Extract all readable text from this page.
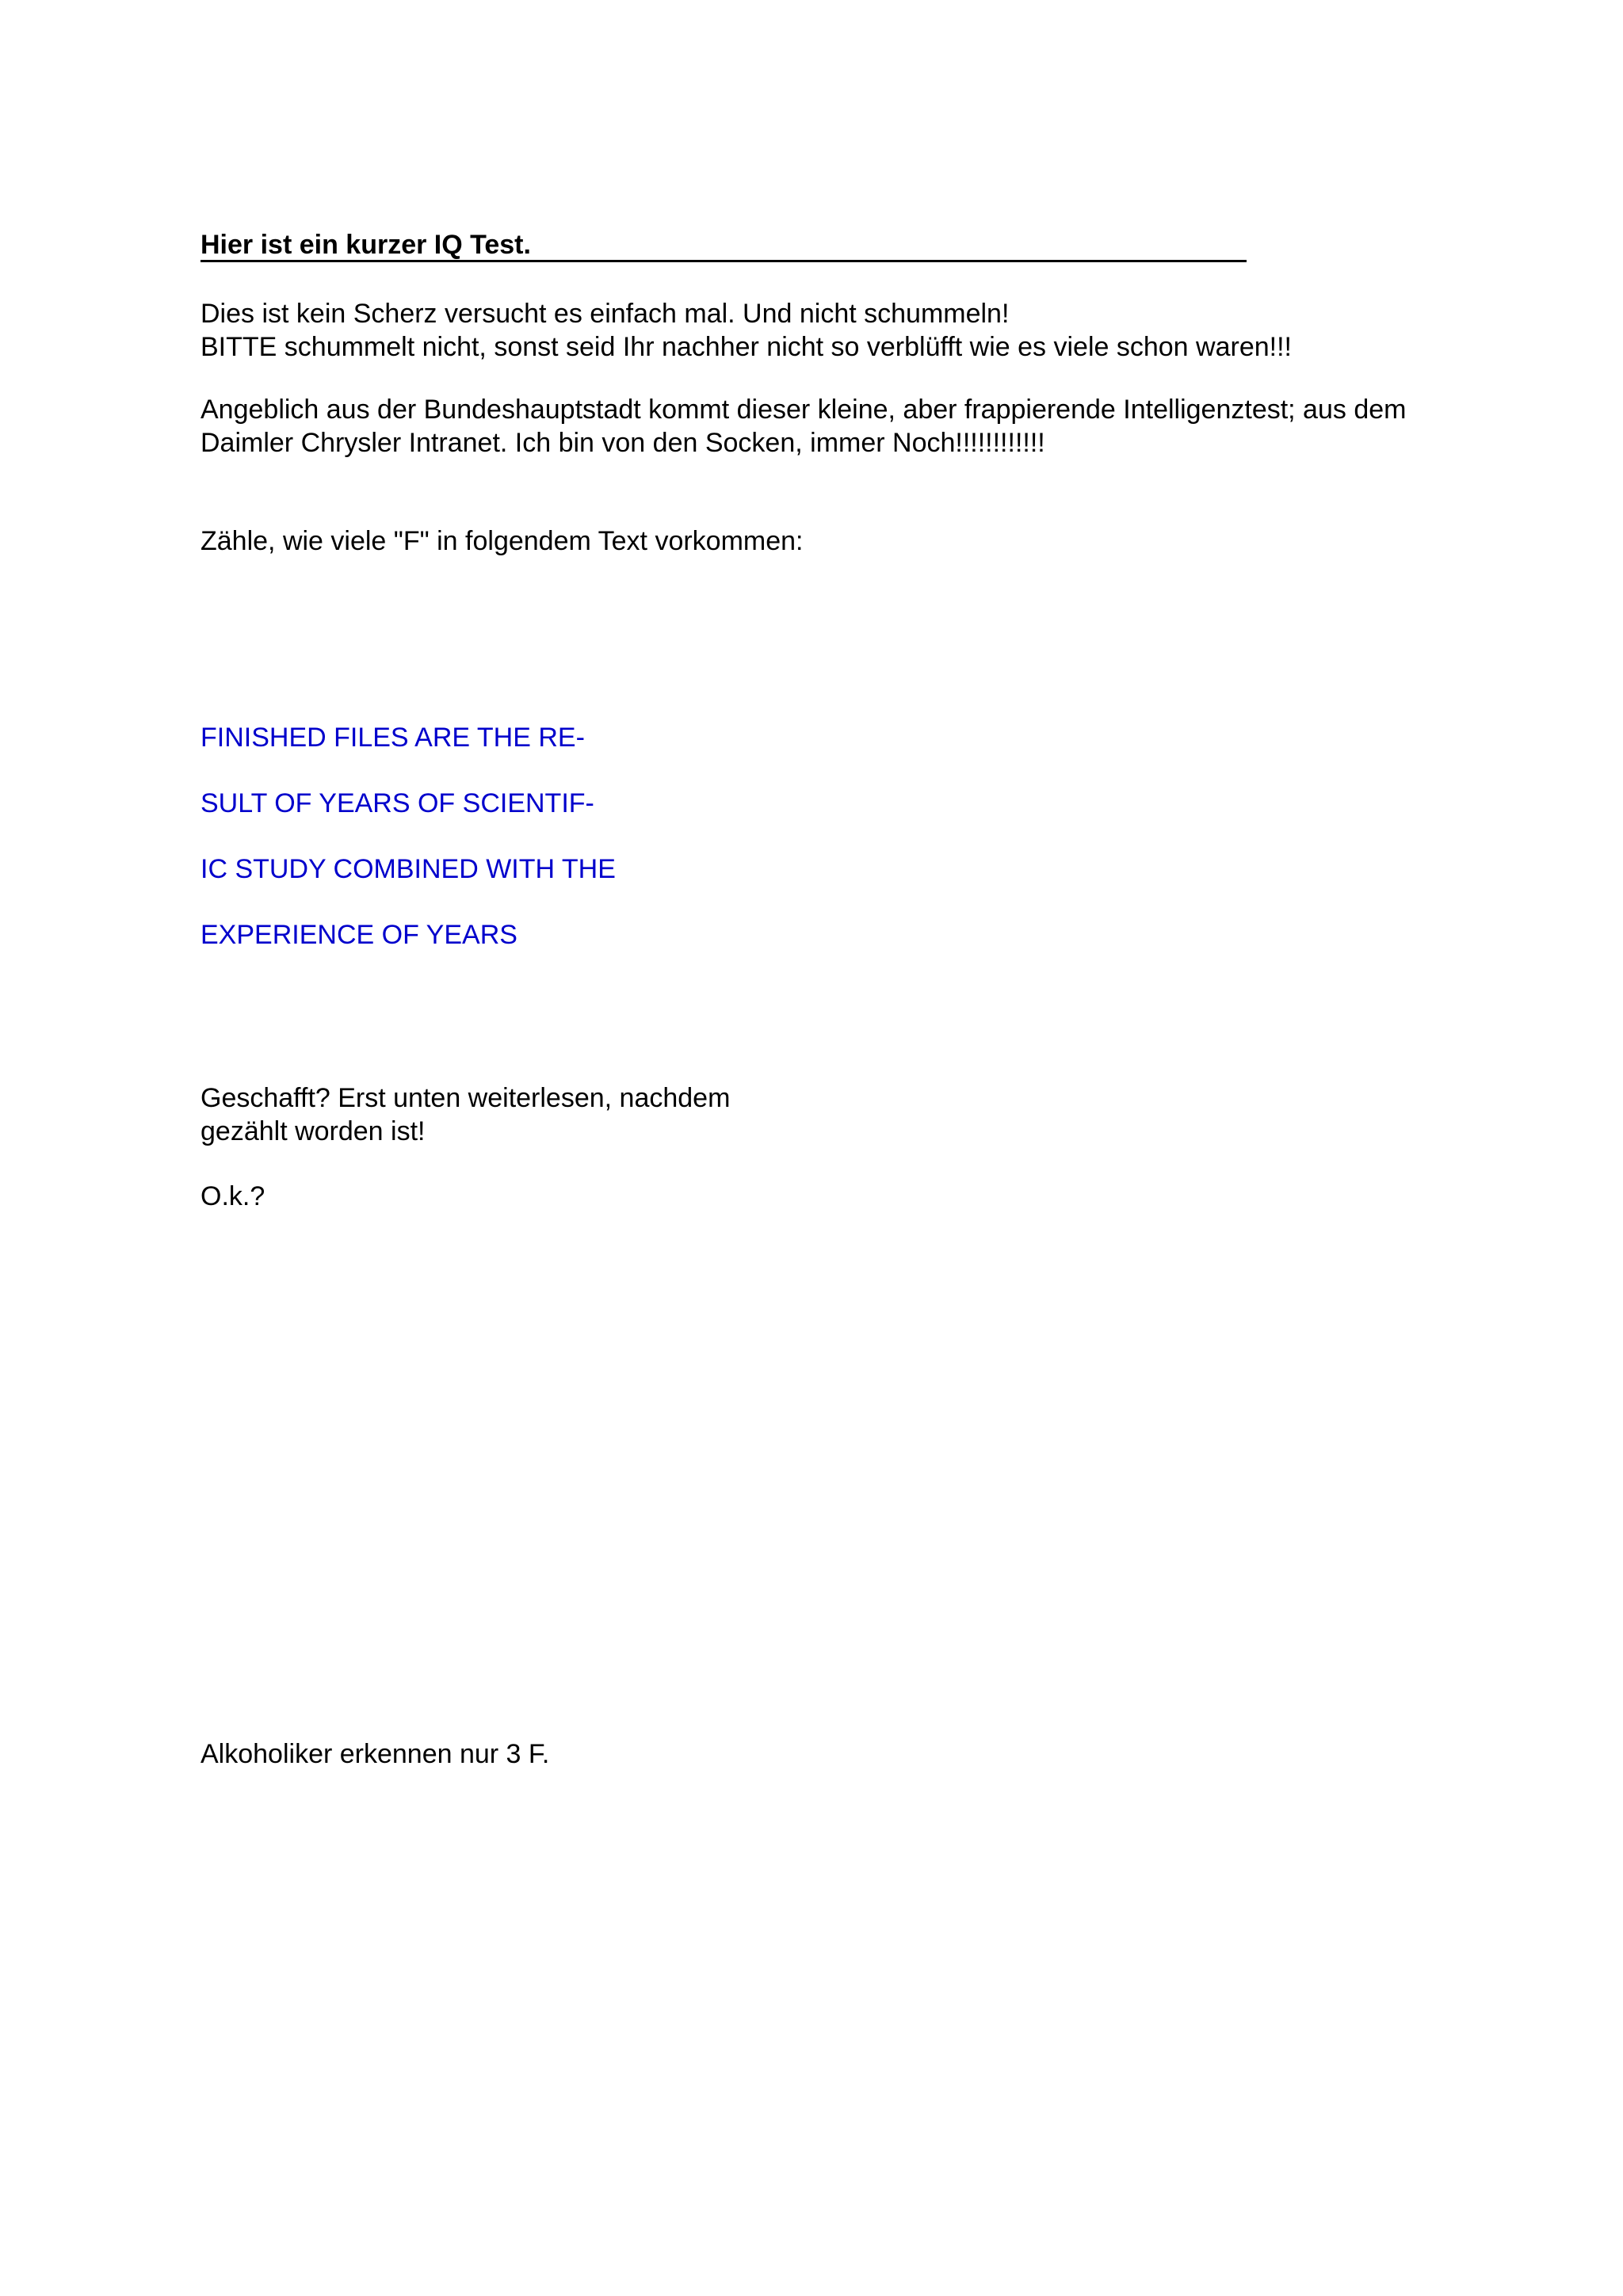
Hier ist ein kurzer IQ Test.
Dies ist kein Scherz versucht es einfach mal. Und nicht schummeln!
BITTE schummelt nicht, sonst seid Ihr nachher nicht so verblüfft wie es viele schon waren!!!
Angeblich aus der Bundeshauptstadt kommt dieser kleine, aber frappierende Intelligenztest; aus dem
Daimler Chrysler Intranet. Ich bin von den Socken, immer Noch!!!!!!!!!!!!
Zähle, wie viele "F" in folgendem Text vorkommen:
FINISHED FILES ARE THE RE-
SULT OF YEARS OF SCIENTIF-
IC STUDY COMBINED WITH THE
EXPERIENCE OF YEARS
Geschafft? Erst unten weiterlesen, nachdem
gezählt worden ist!
O.k.?
Alkoholiker erkennen nur 3 F.
